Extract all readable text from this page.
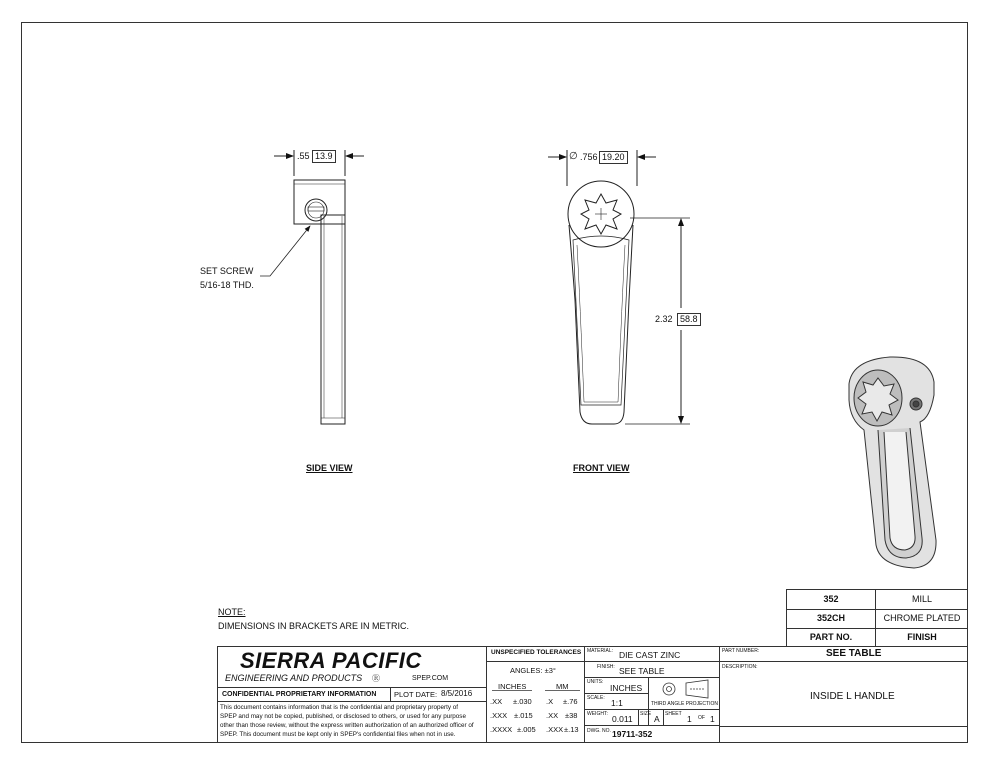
.55 13.9	∅ .756 19.20
2.32 58.8
SET SCREW
5/16-18 THD.
SIDE VIEW	FRONT VIEW
NOTE:
DIMENSIONS IN BRACKETS ARE IN METRIC.
352	MILL
352CH	CHROME PLATED
PART NO.	FINISH
SIERRA PACIFIC
ENGINEERING AND PRODUCTS Ⓡ	SPEP.COM
CONFIDENTIAL PROPRIETARY INFORMATION PLOT DATE: 8/5/2016
This document contains information that is the confidential and proprietary property of
SPEP and may not be copied, published, or disclosed to others, or used for any purpose
other than those review, without the express written authorization of an authorized officer of
SPEP. This document must be kept only in SPEP's confidential files when not in use.
UNSPECIFIED TOLERANCES
ANGLES: ±3°
INCHES	MM
.XX ±.030 .X ±.76
.XXX ±.015 .XX ±38
.XXXX ±.005 .XXX ±.13
MATERIAL: DIE CAST ZINC
FINISH: SEE TABLE
UNITS:
INCHES
SCALE: 1:1	THIRD ANGLE PROJECTION
WEIGHT: 0.011 SIZE A SHEET 1 OF 1
DWG. NO. 19711-352
PART NUMBER:	SEE TABLE
DESCRIPTION:
INSIDE L HANDLE
